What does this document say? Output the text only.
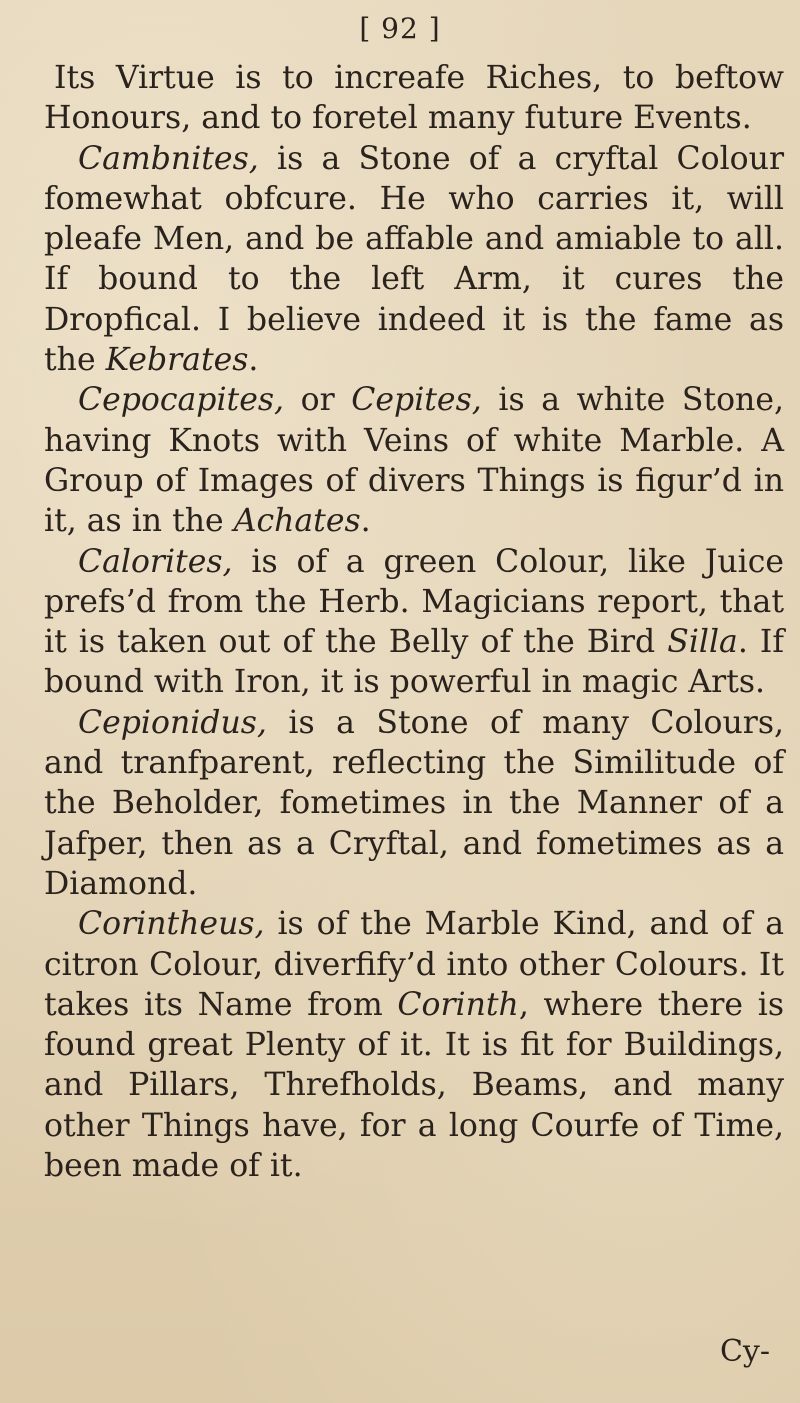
[ 92 ]

Its Virtue is to increafe Riches, to beftow Honours, and to foretel many future Events.

Cambnites, is a Stone of a cryftal Colour fomewhat obfcure. He who carries it, will pleafe Men, and be affable and amiable to all. If bound to the left Arm, it cures the Dropfical. I believe indeed it is the fame as the Kebrates.

Cepocapites, or Cepites, is a white Stone, having Knots with Veins of white Marble. A Group of Images of divers Things is figur’d in it, as in the Achates.

Calorites, is of a green Colour, like Juice prefs’d from the Herb. Magicians report, that it is taken out of the Belly of the Bird Silla. If bound with Iron, it is powerful in magic Arts.

Cepionidus, is a Stone of many Colours, and tranfparent, reflecting the Similitude of the Beholder, fometimes in the Manner of a Jafper, then as a Cryftal, and fometimes as a Diamond.

Corintheus, is of the Marble Kind, and of a citron Colour, diverfify’d into other Colours. It takes its Name from Corinth, where there is found great Plenty of it. It is fit for Buildings, and Pillars, Threfholds, Beams, and many other Things have, for a long Courfe of Time, been made of it.

Cy-
